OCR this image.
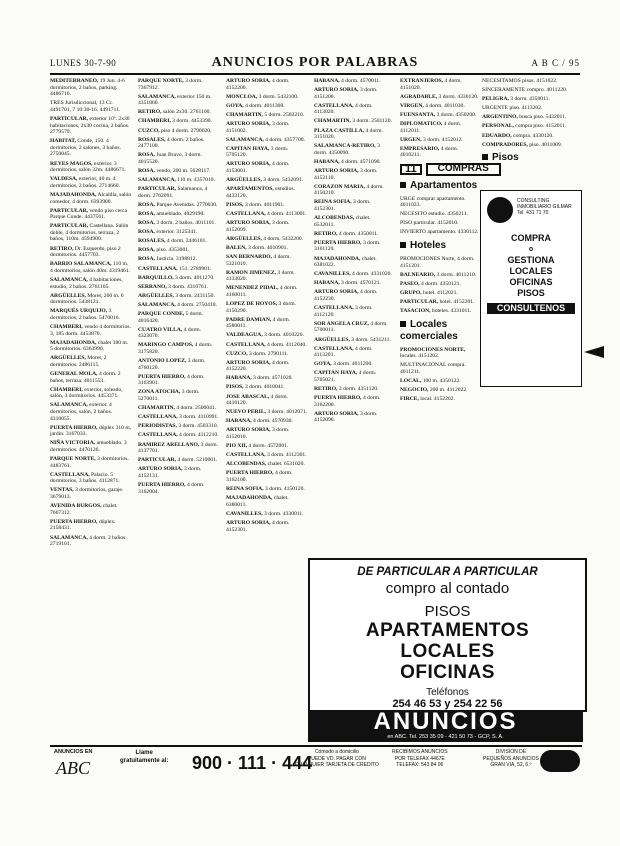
LUNES 30-7-90	ANUNCIOS POR PALABRAS	A B C / 95

MEDITERRANEO, 19 Jun. 4-6 dormitorios, 2 baños, parking. 4486716.

TRES Jurisdiccional, 13 Cr. 4491701, 7 10:30-16. 4491711.

PARTICULAR, exterior 10º. 2x30 habitaciones, 2x30 cocina, 2 baños. 2779579.

HABITAT, Conde, 150. 4 dormitorios, 2 salones, 3 baños. 2750045.

REYES MAGOS, exterior. 3 dormitorios, salón 32m. 4486671.

VALDESA, exterior, 40 m. 4 dormitorios, 2 baños. 2714660.

MAJADAHONDA, Alcaldía, salón comedor, 4 dorm. 6393900.

PARTICULAR, vendo piso cerca Parque Conde. 4437561.

PARTICULAR, Castellana. Salón doble, 4 dormitorios, terraza, 2 baños, 110m. 4594900.

RETIRO, Dr. Esquerdo, piso 2 dormitorios. 4457703.

BARRIO SALAMANCA, 110 m. 4 dormitorios, salón 40m. 4319461.

SALAMANCA, 4 habitaciones, estudio, 2 baños. 2761105.

ARGÜELLES, Moret, 200 m. 6 dormitorios. 5438121.

MARQUÉS URQUIJO, 3 dormitorios, 2 baños. 5470016.

CHAMBERI, vendo 4 dormitorios. 3, 185 dorm. 4453870.

MAJADAHONDA, chalet 180 m. 5 dormitorios. 6363990.

ARGÜELLES, Moret, 2 dormitorios. 2486115.

GENERAL MOLA, 4 dorm. 2 baños, terraza. 4011553.

CHAMBERI, exterior, soleado, salón, 3 dormitorios. 4453371.

SALAMANCA, exterior. 4 dormitorios, salón, 2 baños. 4310055.

PUERTA HIERRO, dúplex 310 m, jardín. 3167033.

NIÑA VICTORIA, amueblado. 3 dormitorios. 4470126.

PARQUE NORTE, 3 dormitorios. 4483761.

CASTELLANA, Palacio. 5 dormitorios, 3 baños. 4112871.

VENTAS, 3 dormitorios, garaje. 3679013.

AVENIDA BURGOS, chalet. 7667312.

PUERTA HIERRO, dúplex. 2158431.

SALAMANCA, 4 dorm. 2 baños. 2719101.

PARQUE NORTE, 3 dorm. 7367912.

SALAMANCA, exterior 150 m. 4351060.

RETIRO, salón 2x30. 2761100.

CHAMBERI, 3 dorm. 4453390.

CUZCO, piso 4 dorm. 2790620.

ROSALES, 4 dorm. 2 baños. 2477100.

ROSA, Juan Bravo, 3 dorm. 4015520.

ROSA, vendo, 200 m. 5628117.

SALAMANCA, 110 m. 4357010.

PARTICULAR, Salamanca, 4 dorm. 2762091.

ROSA, Parque Avenidas. 2770030.

ROSA, amueblado. 4029190.

ROSA, 3 dorm. 2 baños. 4011101.

ROSA, exterior. 3125341.

ROSALES, 4 dorm. 2446101.

ROSA, piso. 4353001.

ROSA, Justicia. 3198812.

CASTELLANA, 151. 2789901.

BARQUILLO, 3 dorm. 4011270.

SERRANO, 3 dorm. 4310761.

ARGÜELLES, 3 dorm. 2431150.

SALAMANCA, 4 dorm. 2750410.

PARQUE CONDE, 5 dorm. 4016420.

CUATRO VILLA, 4 dorm. 4323070.

MARINGO CAMPOS, 4 dorm. 3175820.

ANTONIO LOPEZ, 3 dorm. 4760120.

PUERTA HIERRO, 4 dorm. 3163901.

ZONA ATOCHA, 3 dorm. 5270011.

CHAMARTIN, 4 dorm. 2500041.

CASTELLANA, 3 dorm. 4110991.

PERIODISTAS, 3 dorm. 4503310.

CASTELLANA, 4 dorm. 4112210.

RAMIREZ ARELLANO, 3 dorm. 4137701.

PARTICULAR, 4 dorm. 5210001.

ARTURO SORIA, 3 dorm. 4152131.

PUERTA HIERRO, 4 dorm. 3162004.

ARTURO SORIA, 4 dorm. 4152200.

MONCLOA, 3 dorm. 5432100.

GOYA, 4 dorm. 4011300.

CHAMARTIN, 5 dorm. 2502210.

ARTURO SORIA, 3 dorm. 4151002.

SALAMANCA, 4 dorm. 4357700.

CAPITAN HAYA, 3 dorm. 5705120.

ARTURO SORIA, 4 dorm. 4153001.

ARGÜELLES, 3 dorm. 5432091.

APARTAMENTOS, estudios. 4433120.

PISOS, 3 dorm. 4011901.

CASTELLANA, 4 dorm. 4113001.

ARTURO SORIA, 3 dorm. 4152099.

ARGÜELLES, 4 dorm. 5432200.

BALEN, 3 dorm. 4010901.

SAN BERNARDO, 4 dorm. 5321010.

RAMON JIMENEZ, 3 dorm. 4133020.

MENENDEZ PIDAL, 4 dorm. 4160011.

LOPEZ DE HOYOS, 3 dorm. 4150290.

PADRE DAMIAN, 4 dorm. 4580011.

VALDEAGUA, 3 dorm. 4010220.

CASTELLANA, 4 dorm. 4112040.

CUZCO, 3 dorm. 2790111.

ARTURO SORIA, 4 dorm. 4152220.

HABANA, 3 dorm. 4571020.

PISOS, 3 dorm. 4010041.

JOSE ABASCAL, 4 dorm. 4410120.

NUEVO PERIL, 3 dorm. 4012071.

HABANA, 4 dorm. 4570930.

ARTURO SORIA, 3 dorm. 4152010.

PIO XII, 4 dorm. 4572001.

CASTELLANA, 3 dorm. 4112301.

ALCOBENDAS, chalet. 6531020.

PUERTA HIERRO, 4 dorm. 3162100.

REINA SOFIA, 3 dorm. 4150120.

MAJADAHONDA, chalet. 6380011.

CAVANILLES, 3 dorm. 4330011.

ARTURO SORIA, 4 dorm. 4152301.

HABANA, 4 dorm. 4570011.

ARTURO SORIA, 3 dorm. 4151200.

CASTELLANA, 4 dorm. 4113020.

CHAMARTIN, 3 dorm. 2501120.

PLAZA CASTILLA, 4 dorm. 3151020.

SALAMANCA-RETIRO, 3 dorm. 4350090.

HABANA, 4 dorm. 4571090.

ARTURO SORIA, 3 dorm. 4152110.

CORAZON MARIA, 4 dorm. 4150210.

REINA SOFIA, 3 dorm. 4152301.

ALCOBENDAS, chalet. 6532011.

RETIRO, 4 dorm. 4350011.

PUERTA HIERRO, 3 dorm. 3161120.

MAJADAHONDA, chalet. 6381022.

CAVANILLES, 4 dorm. 4331020.

HABANA, 3 dorm. 4570121.

ARTURO SORIA, 4 dorm. 4152230.

CASTELLANA, 3 dorm. 4112120.

SOR ANGELA CRUZ, 4 dorm. 5700011.

ARGÜELLES, 3 dorm. 5431211.

CASTELLANA, 4 dorm. 4113201.

GOYA, 3 dorm. 4011200.

CAPITAN HAYA, 4 dorm. 5705021.

RETIRO, 3 dorm. 4351120.

PUERTA HIERRO, 4 dorm. 3162200.

ARTURO SORIA, 3 dorm. 4152090.

EXTRANJEROS, 4 dorm. 4151020.

AGRADABLE, 3 dorm. 4330120.

VIRGEN, 4 dorm. 4011030.

FUENSANTA, 3 dorm. 4350200.

DIPLOMATICO, 4 dorm. 4112011.

URGEN, 3 dorm. 4152012.

EMPRESARIO, 4 dorm. 4010211.

11	COMPRAS
Apartamentos

URGE comprar apartamento. 4011033.

NECESITO estudio. 4350211.

PISO particular. 4152010.

INVIERTO apartamento. 4330112.

Hoteles

PROMOCIONES Norte, 4 dorm. 4151201.

BALNEARIO, 3 dorm. 4011210.

PASEO, 4 dorm. 4350121.

GRUPO, hotel. 4112021.

PARTICULAR, hotel. 4152201.

TASACION, hoteles. 4331011.

Locales
comerciales

PROMOCIONES NORTE, locales. 4151202.

MULTINACIONAL compra. 4011211.

LOCAL, 100 m. 4350122.

NEGOCIO, 200 m. 4112022.

FIRCE, local. 4152202.

NECESITAMOS pisos. 4151022.

SINCERAMENTE compro. 4011220.

PELIGRA, 3 dorm. 4350011.

URGENTE piso. 4113202.

ARGENTINO, busca piso. 5432011.

PERSONAL, compra piso. 4152011.

EDUARDO, compra. 4330120.

COMPRADORES, piso. 4011009.

Pisos
CONSULTING INMOBILIARIO GILMAR Tel. 431 71 70
COMPRA
o
GESTIONA
LOCALES
OFICINAS
PISOS
CONSULTENOS
DE PARTICULAR A PARTICULAR
compro al contado
PISOS
APARTAMENTOS
LOCALES
OFICINAS
Teléfonos
254 46 53 y 254 22 56
ANUNCIOS
en ABC. Tel. 253 35 09 - 421 50 73 - GCP, S. A.
ANUNCIOS EN
ABC
Llame
gratuitamente al: 900 · 111 · 444
Cómodo a domicilio
PUEDE VD. PAGAR CON
CUALQUIER TARJETA DE CREDITO
RECIBIMOS ANUNCIOS
POR TELEFAX 4467E
TELEFAX: 543 84 06
DIVISION DE
PEQUEÑOS ANUNCIOS
GRAN VIA, 52, 6.º
